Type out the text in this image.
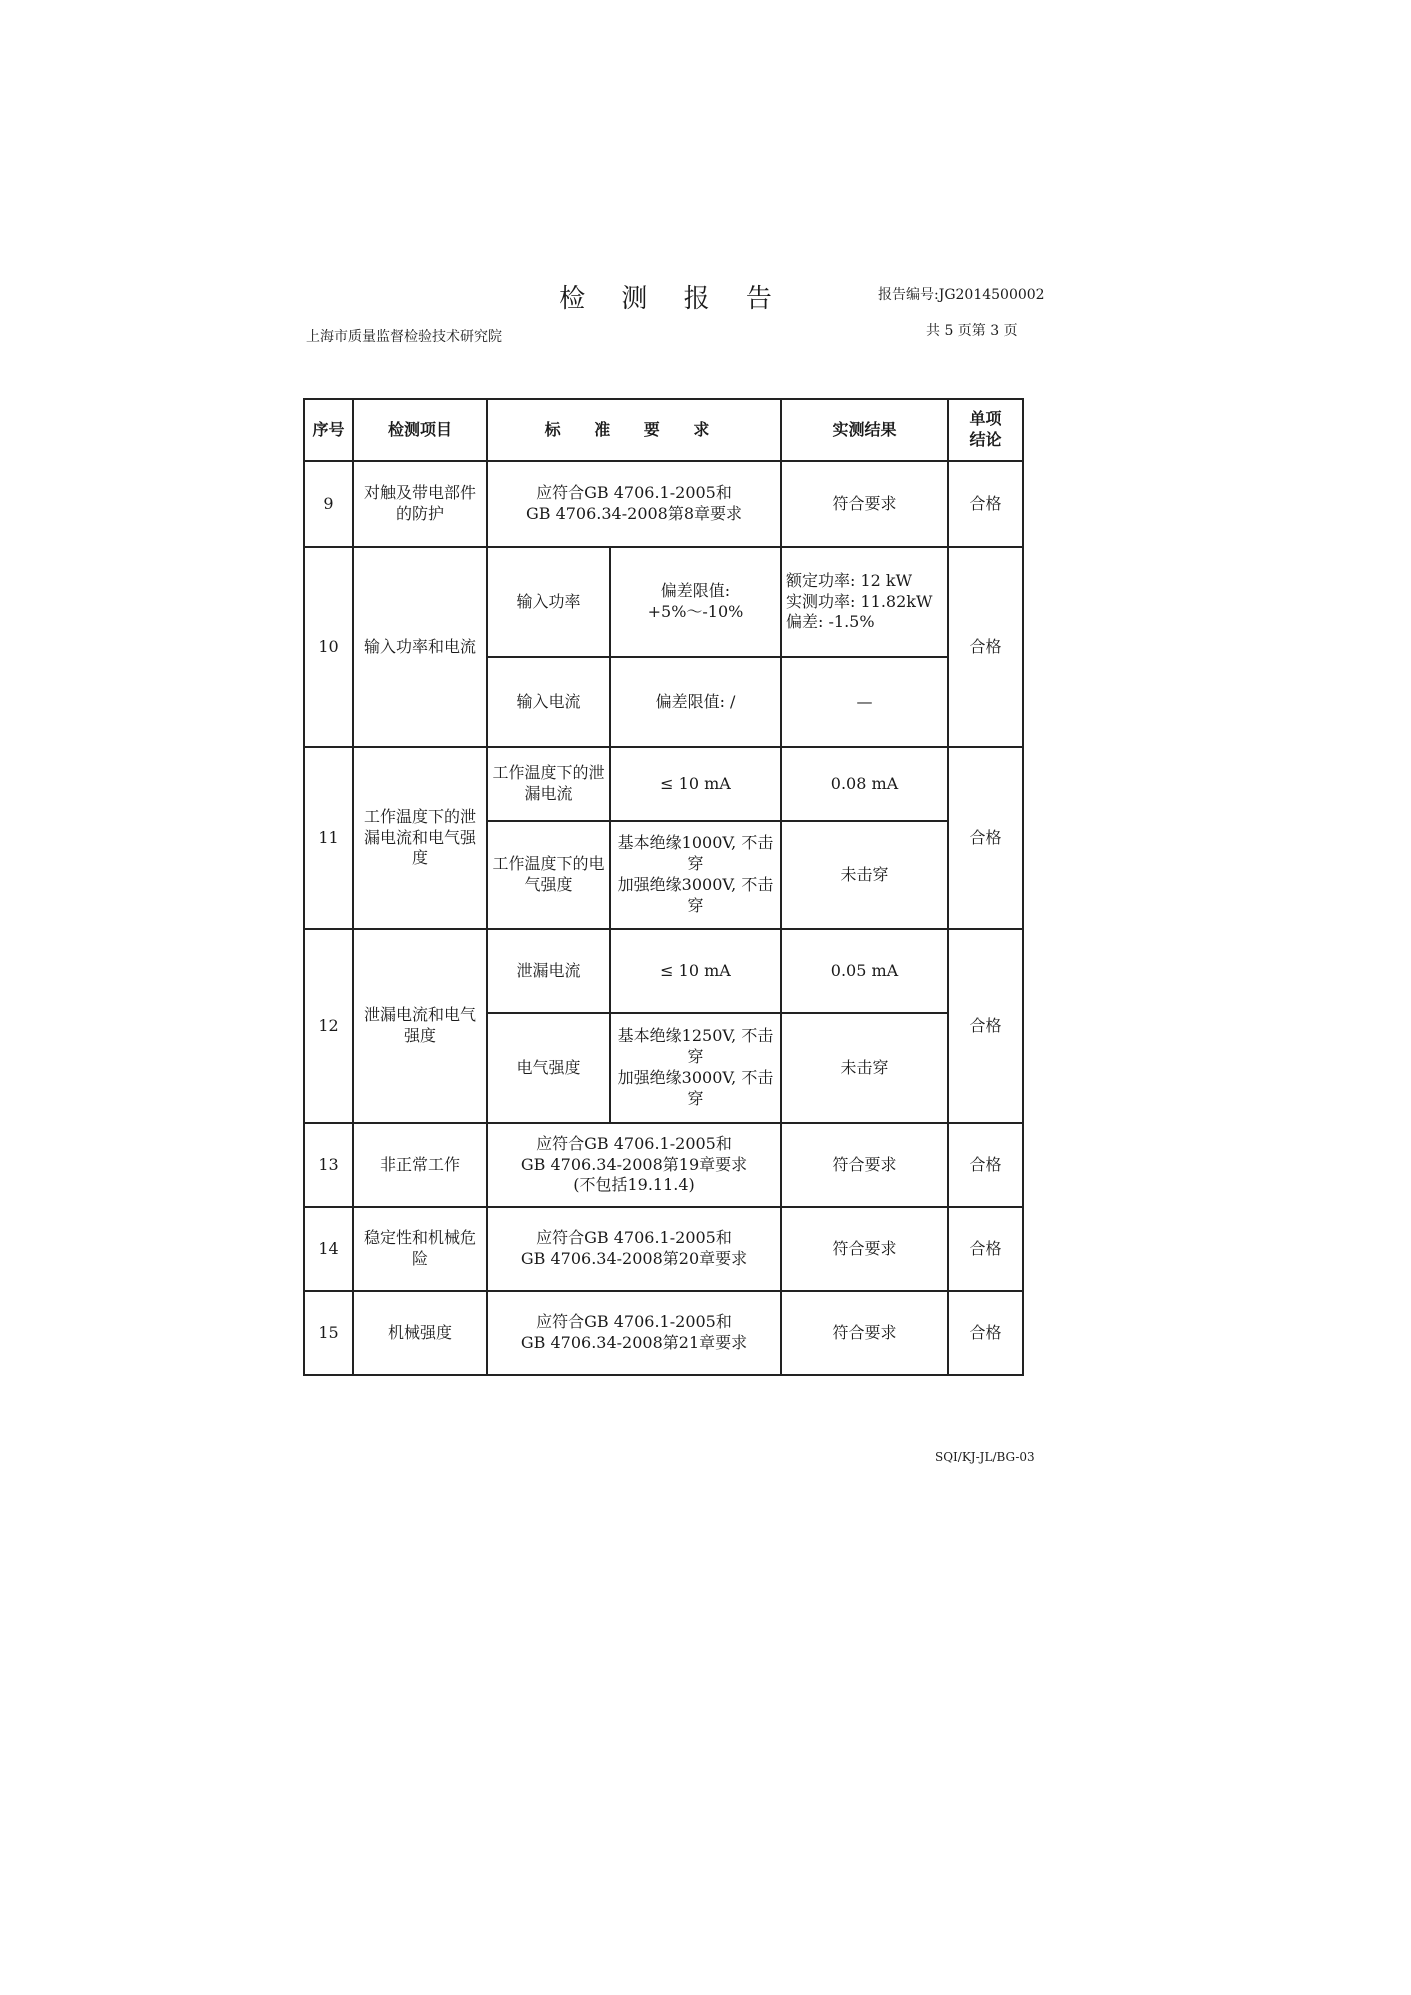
检 测 报 告	报告编号:JG2014500002
上海市质量监督检验技术研究院	共 5 页第 3 页
序号	检测项目	标 准 要 求		实测结果	单项
结论
9	对触及带电部件的防护	应符合GB 4706.1-2005和
GB 4706.34-2008第8章要求		符合要求	合格
10	输入功率和电流	输入功率	偏差限值:
+5%～-10%	额定功率: 12 kW
实测功率: 11.82kW
偏差: -1.5%	合格
		输入电流	偏差限值: /	—	
11	工作温度下的泄漏电流和电气强度	工作温度下的泄漏电流	≤ 10 mA	0.08 mA	合格
		工作温度下的电气强度	基本绝缘1000V, 不击穿
加强绝缘3000V, 不击穿	未击穿	
12	泄漏电流和电气强度	泄漏电流	≤ 10 mA	0.05 mA	合格
		电气强度	基本绝缘1250V, 不击穿
加强绝缘3000V, 不击穿	未击穿	
13	非正常工作	应符合GB 4706.1-2005和
GB 4706.34-2008第19章要求
(不包括19.11.4)		符合要求	合格
14	稳定性和机械危险	应符合GB 4706.1-2005和
GB 4706.34-2008第20章要求		符合要求	合格
15	机械强度	应符合GB 4706.1-2005和
GB 4706.34-2008第21章要求		符合要求	合格
SQI/KJ-JL/BG-03
